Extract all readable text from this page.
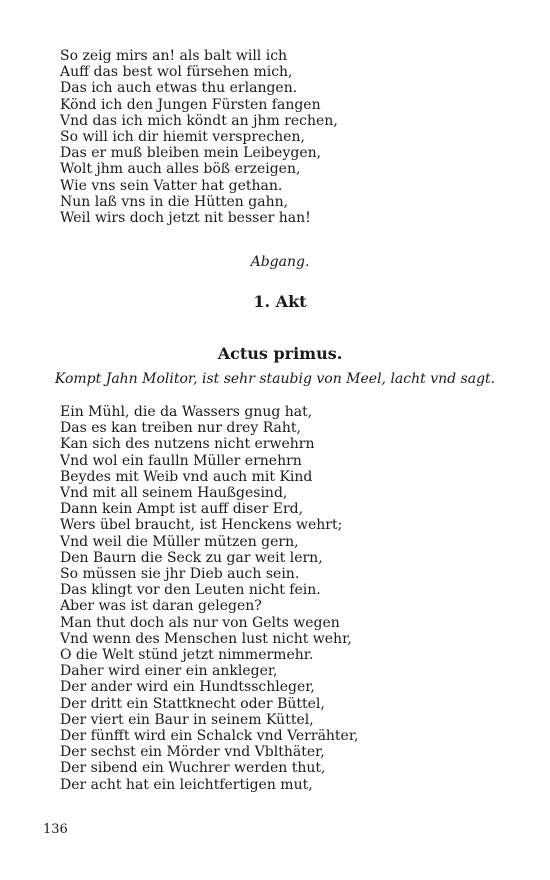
So zeig mirs an! als balt will ich
Auff das best wol fürsehen mich,
Das ich auch etwas thu erlangen.
Könd ich den Jungen Fürsten fangen
Vnd das ich mich köndt an jhm rechen,
So will ich dir hiemit versprechen,
Das er muß bleiben mein Leibeygen,
Wolt jhm auch alles böß erzeigen,
Wie vns sein Vatter hat gethan.
Nun laß vns in die Hütten gahn,
Weil wirs doch jetzt nit besser han!
Abgang.
1. Akt
Actus primus.
Kompt Jahn Molitor, ist sehr staubig von Meel, lacht vnd sagt.
Ein Mühl, die da Wassers gnug hat,
Das es kan treiben nur drey Raht,
Kan sich des nutzens nicht erwehrn
Vnd wol ein faulln Müller ernehrn
Beydes mit Weib vnd auch mit Kind
Vnd mit all seinem Haußgesind,
Dann kein Ampt ist auff diser Erd,
Wers übel braucht, ist Henckens wehrt;
Vnd weil die Müller mützen gern,
Den Baurn die Seck zu gar weit lern,
So müssen sie jhr Dieb auch sein.
Das klingt vor den Leuten nicht fein.
Aber was ist daran gelegen?
Man thut doch als nur von Gelts wegen
Vnd wenn des Menschen lust nicht wehr,
O die Welt stünd jetzt nimmermehr.
Daher wird einer ein ankleger,
Der ander wird ein Hundtsschleger,
Der dritt ein Stattknecht oder Büttel,
Der viert ein Baur in seinem Küttel,
Der fünfft wird ein Schalck vnd Verrähter,
Der sechst ein Mörder vnd Vblthäter,
Der sibend ein Wuchrer werden thut,
Der acht hat ein leichtfertigen mut,
136
